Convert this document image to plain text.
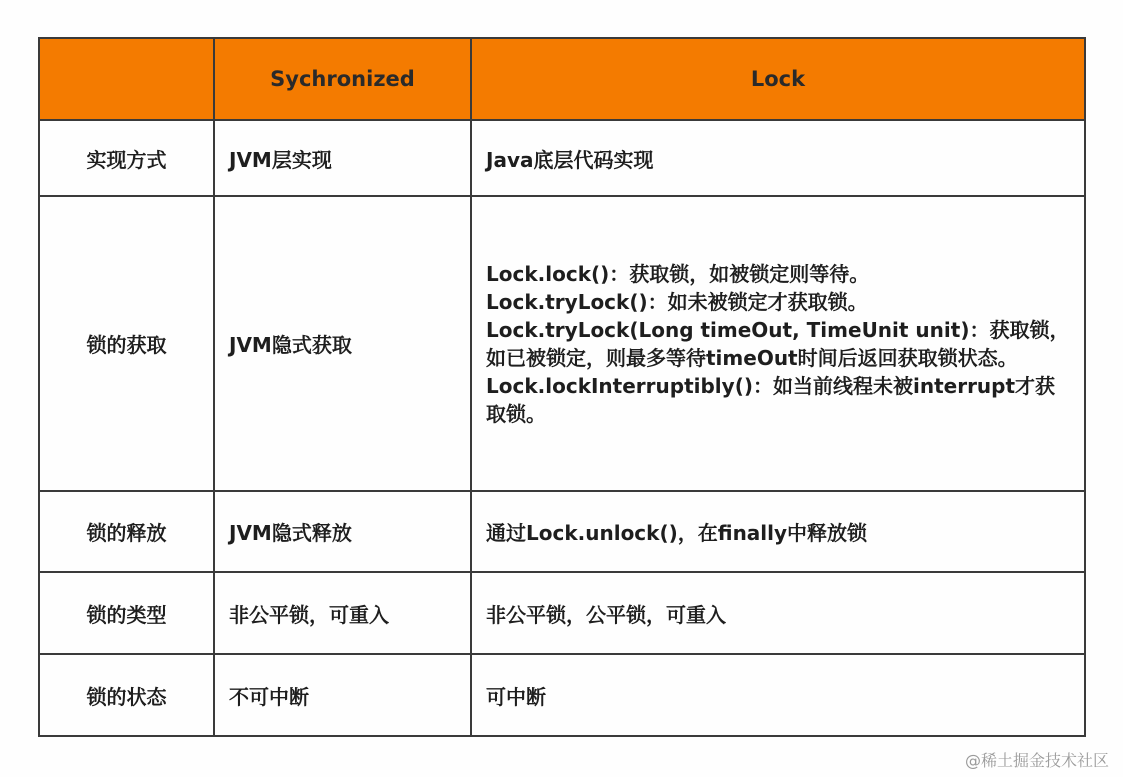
	Sychronized	Lock
实现方式	JVM层实现	Java底层代码实现

锁的获取	JVM隐式获取	Lock.lock()：获取锁，如被锁定则等待。
Lock.tryLock()：如未被锁定才获取锁。
Lock.tryLock(Long timeOut, TimeUnit unit)：获取锁，如已被锁定，则最多等待timeOut时间后返回获取锁状态。
Lock.lockInterruptibly()：如当前线程未被interrupt才获取锁。

锁的释放	JVM隐式释放	通过Lock.unlock()，在finally中释放锁

锁的类型	非公平锁，可重入	非公平锁，公平锁，可重入

锁的状态	不可中断	可中断
@稀土掘金技术社区
